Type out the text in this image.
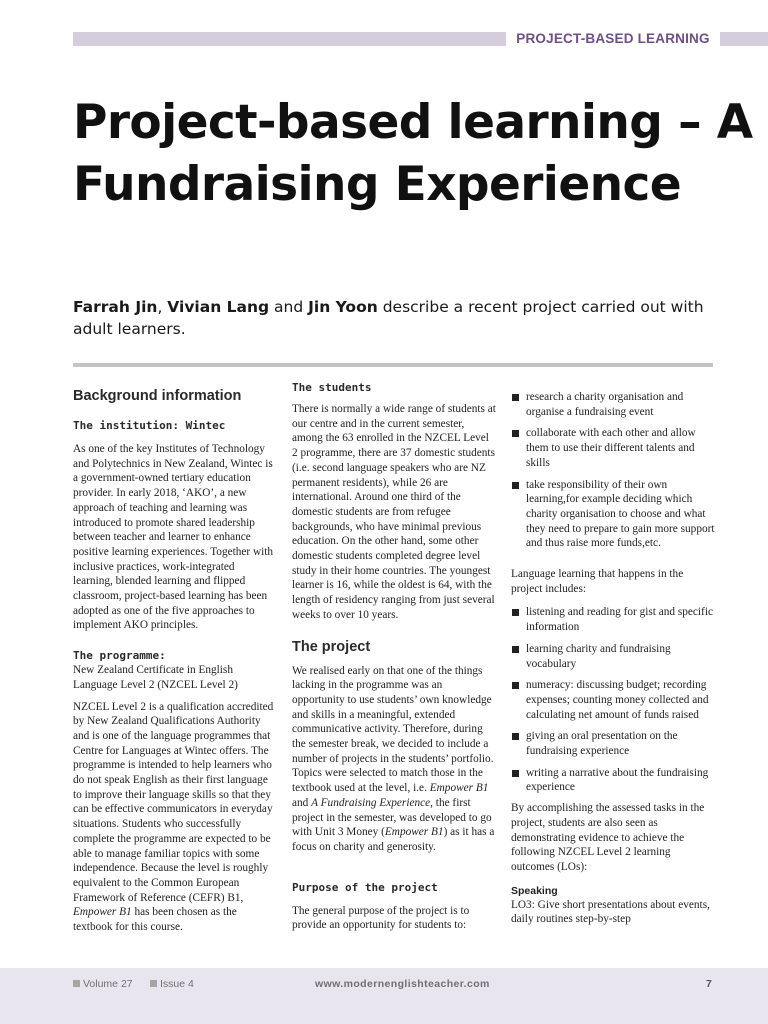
PROJECT-BASED LEARNING
Project-based learning – A Fundraising Experience

Farrah Jin, Vivian Lang and Jin Yoon describe a recent project carried out with adult learners.

Background information
The institution: Wintec

As one of the key Institutes of Technology and Polytechnics in New Zealand, Wintec is a government-owned tertiary education provider. In early 2018, ‘AKO’, a new approach of teaching and learning was introduced to promote shared leadership between teacher and learner to enhance positive learning experiences. Together with inclusive practices, work-integrated learning, blended learning and flipped classroom, project-based learning has been adopted as one of the five approaches to implement AKO principles.

The programme:

New Zealand Certificate in English Language Level 2 (NZCEL Level 2)

NZCEL Level 2 is a qualification accredited by New Zealand Qualifications Authority and is one of the language programmes that Centre for Languages at Wintec offers. The programme is intended to help learners who do not speak English as their first language to improve their language skills so that they can be effective communicators in everyday situations. Students who successfully complete the programme are expected to be able to manage familiar topics with some independence. Because the level is roughly equivalent to the Common European Framework of Reference (CEFR) B1, Empower B1 has been chosen as the textbook for this course.

The students

There is normally a wide range of students at our centre and in the current semester, among the 63 enrolled in the NZCEL Level 2 programme, there are 37 domestic students (i.e. second language speakers who are NZ permanent residents), while 26 are international. Around one third of the domestic students are from refugee backgrounds, who have minimal previous education. On the other hand, some other domestic students completed degree level study in their home countries. The youngest learner is 16, while the oldest is 64, with the length of residency ranging from just several weeks to over 10 years.

The project

We realised early on that one of the things lacking in the programme was an opportunity to use students’ own knowledge and skills in a meaningful, extended communicative activity. Therefore, during the semester break, we decided to include a number of projects in the students’ portfolio. Topics were selected to match those in the textbook used at the level, i.e. Empower B1 and A Fundraising Experience, the first project in the semester, was developed to go with Unit 3 Money (Empower B1) as it has a focus on charity and generosity.

Purpose of the project

The general purpose of the project is to provide an opportunity for students to:

research a charity organisation and organise a fundraising event
collaborate with each other and allow them to use their different talents and skills
take responsibility of their own learning,for example deciding which charity organisation to choose and what they need to prepare to gain more support and thus raise more funds,etc.

Language learning that happens in the project includes:

listening and reading for gist and specific information
learning charity and fundraising vocabulary
numeracy: discussing budget; recording expenses; counting money collected and calculating net amount of funds raised
giving an oral presentation on the fundraising experience
writing a narrative about the fundraising experience

By accomplishing the assessed tasks in the project, students are also seen as demonstrating evidence to achieve the following NZCEL Level 2 learning outcomes (LOs):

Speaking

LO3: Give short presentations about events, daily routines step-by-step

Volume 27	Issue 4	www.modernenglishteacher.com	7
